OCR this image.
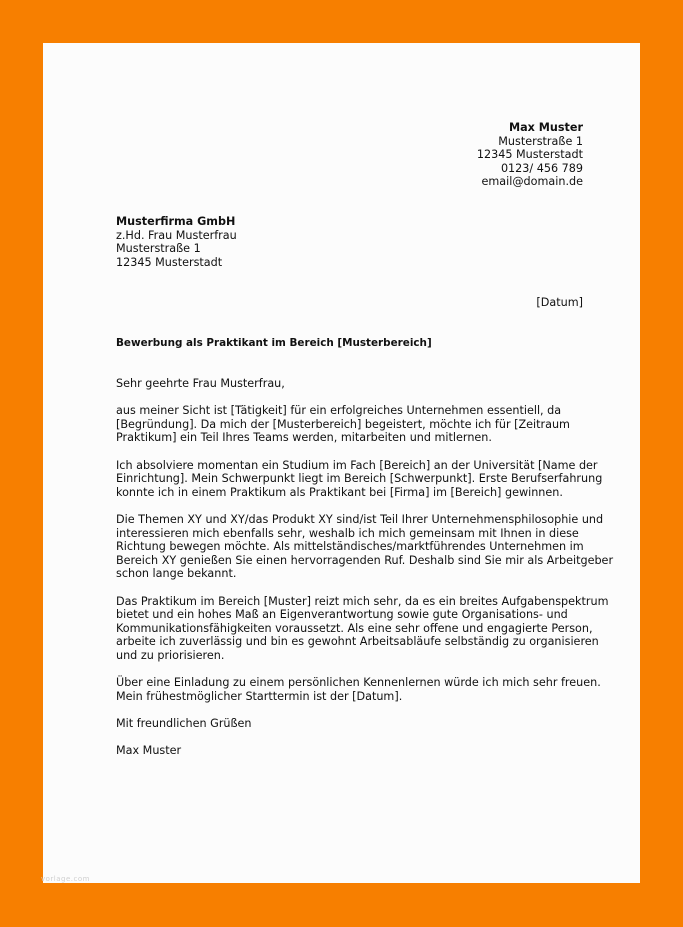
Max Muster
Musterstraße 1
12345 Musterstadt
0123/ 456 789
email@domain.de
Musterfirma GmbH
z.Hd. Frau Musterfrau
Musterstraße 1
12345 Musterstadt
[Datum]
Bewerbung als Praktikant im Bereich [Musterbereich]

Sehr geehrte Frau Musterfrau,

aus meiner Sicht ist [Tätigkeit] für ein erfolgreiches Unternehmen essentiell, da
[Begründung]. Da mich der [Musterbereich] begeistert, möchte ich für [Zeitraum
Praktikum] ein Teil Ihres Teams werden, mitarbeiten und mitlernen.

Ich absolviere momentan ein Studium im Fach [Bereich] an der Universität [Name der
Einrichtung]. Mein Schwerpunkt liegt im Bereich [Schwerpunkt]. Erste Berufserfahrung
konnte ich in einem Praktikum als Praktikant bei [Firma] im [Bereich] gewinnen.

Die Themen XY und XY/das Produkt XY sind/ist Teil Ihrer Unternehmensphilosophie und
interessieren mich ebenfalls sehr, weshalb ich mich gemeinsam mit Ihnen in diese
Richtung bewegen möchte. Als mittelständisches/marktführendes Unternehmen im
Bereich XY genießen Sie einen hervorragenden Ruf. Deshalb sind Sie mir als Arbeitgeber
schon lange bekannt.

Das Praktikum im Bereich [Muster] reizt mich sehr, da es ein breites Aufgabenspektrum
bietet und ein hohes Maß an Eigenverantwortung sowie gute Organisations- und
Kommunikationsfähigkeiten voraussetzt. Als eine sehr offene und engagierte Person,
arbeite ich zuverlässig und bin es gewohnt Arbeitsabläufe selbständig zu organisieren
und zu priorisieren.

Über eine Einladung zu einem persönlichen Kennenlernen würde ich mich sehr freuen.
Mein frühestmöglicher Starttermin ist der [Datum].

Mit freundlichen Grüßen

Max Muster

vorlage.com
